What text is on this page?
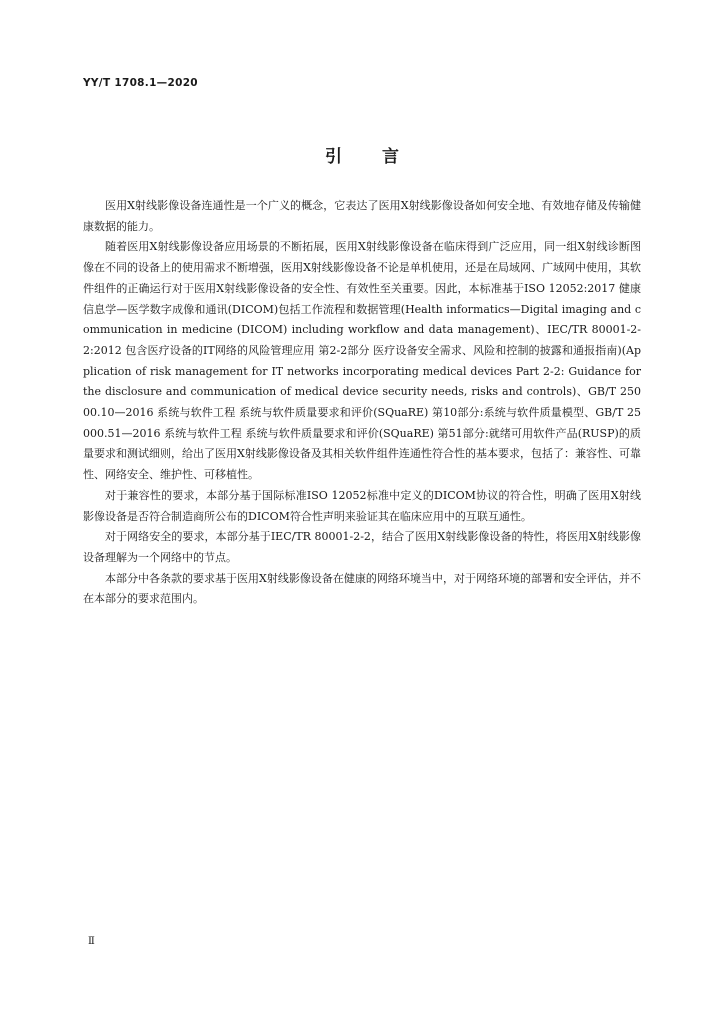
YY/T 1708.1—2020
引言

医用X射线影像设备连通性是一个广义的概念，它表达了医用X射线影像设备如何安全地、有效地存储及传输健康数据的能力。

随着医用X射线影像设备应用场景的不断拓展，医用X射线影像设备在临床得到广泛应用，同一组X射线诊断图像在不同的设备上的使用需求不断增强，医用X射线影像设备不论是单机使用，还是在局域网、广域网中使用，其软件组件的正确运行对于医用X射线影像设备的安全性、有效性至关重要。因此，本标准基于ISO 12052:2017 健康信息学—医学数字成像和通讯(DICOM)包括工作流程和数据管理(Health informatics—Digital imaging and communication in medicine (DICOM) including workflow and data management)、IEC/TR 80001-2-2:2012 包含医疗设备的IT网络的风险管理应用 第2-2部分 医疗设备安全需求、风险和控制的披露和通报指南)(Application of risk management for IT networks incorporating medical devices Part 2-2: Guidance for the disclosure and communication of medical device security needs, risks and controls)、GB/T 25000.10—2016 系统与软件工程 系统与软件质量要求和评价(SQuaRE) 第10部分:系统与软件质量模型、GB/T 25000.51—2016 系统与软件工程 系统与软件质量要求和评价(SQuaRE) 第51部分:就绪可用软件产品(RUSP)的质量要求和测试细则，给出了医用X射线影像设备及其相关软件组件连通性符合性的基本要求，包括了：兼容性、可靠性、网络安全、维护性、可移植性。

对于兼容性的要求，本部分基于国际标准ISO 12052标准中定义的DICOM协议的符合性，明确了医用X射线影像设备是否符合制造商所公布的DICOM符合性声明来验证其在临床应用中的互联互通性。

对于网络安全的要求，本部分基于IEC/TR 80001-2-2，结合了医用X射线影像设备的特性，将医用X射线影像设备理解为一个网络中的节点。

本部分中各条款的要求基于医用X射线影像设备在健康的网络环境当中，对于网络环境的部署和安全评估，并不在本部分的要求范围内。

Ⅱ
